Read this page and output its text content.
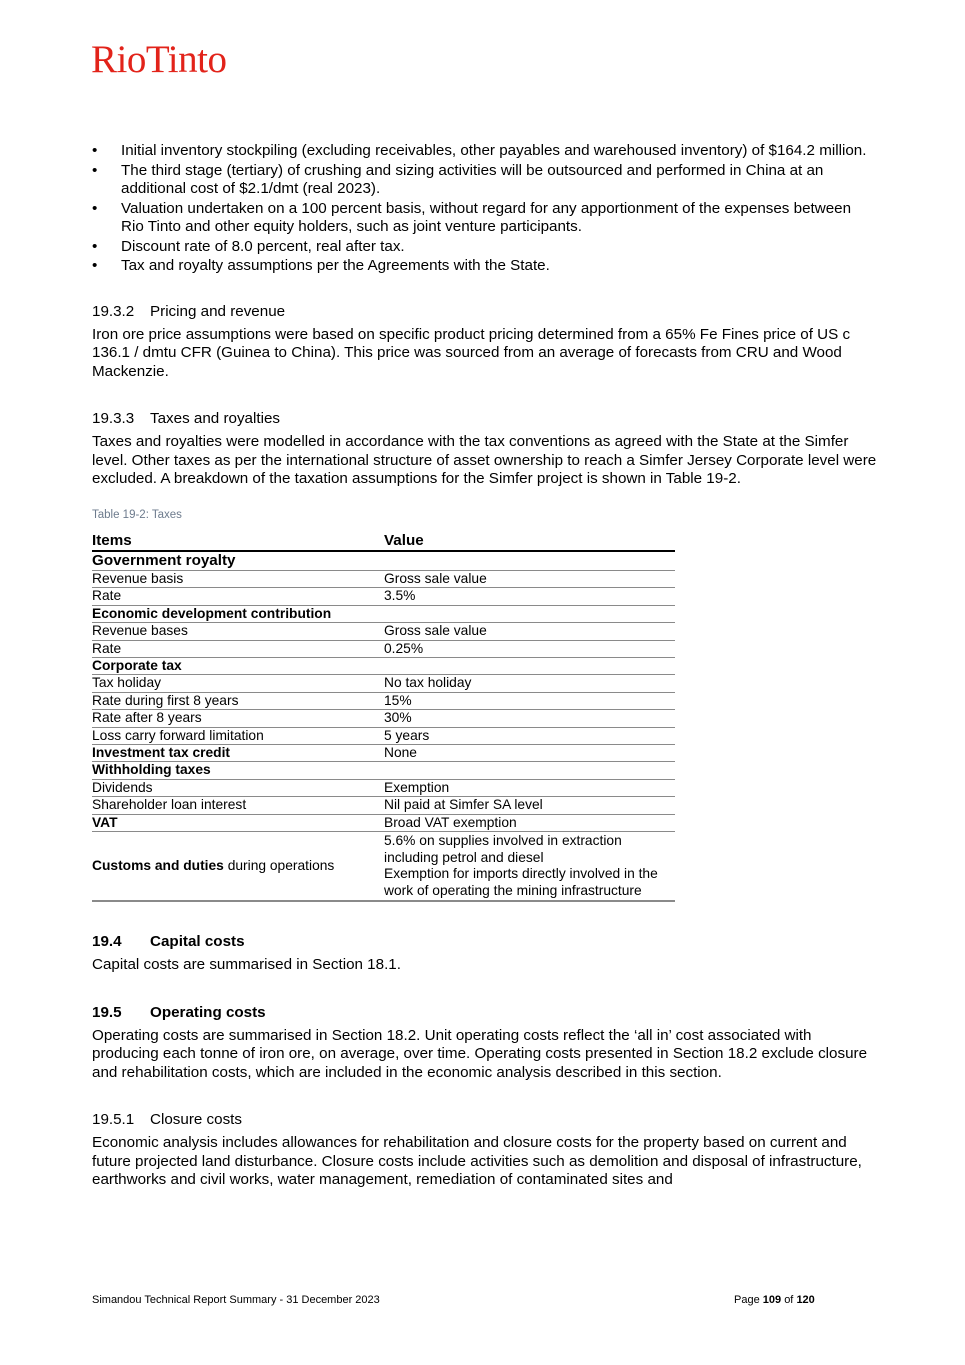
RioTinto
• Initial inventory stockpiling (excluding receivables, other payables and warehoused inventory) of $164.2 million.
• The third stage (tertiary) of crushing and sizing activities will be outsourced and performed in China at an additional cost of $2.1/dmt (real 2023).
• Valuation undertaken on a 100 percent basis, without regard for any apportionment of the expenses between Rio Tinto and other equity holders, such as joint venture participants.
• Discount rate of 8.0 percent, real after tax.
• Tax and royalty assumptions per the Agreements with the State.
19.3.2 Pricing and revenue

Iron ore price assumptions were based on specific product pricing determined from a 65% Fe Fines price of US c 136.1 / dmtu CFR (Guinea to China). This price was sourced from an average of forecasts from CRU and Wood Mackenzie.

19.3.3 Taxes and royalties

Taxes and royalties were modelled in accordance with the tax conventions as agreed with the State at the Simfer level. Other taxes as per the international structure of asset ownership to reach a Simfer Jersey Corporate level were excluded. A breakdown of the taxation assumptions for the Simfer project is shown in Table 19-2.

Table 19-2: Taxes
Items	Value
Government royalty	
Revenue basis	Gross sale value
Rate	3.5%
Economic development contribution	
Revenue bases	Gross sale value
Rate	0.25%
Corporate tax	
Tax holiday	No tax holiday
Rate during first 8 years	15%
Rate after 8 years	30%
Loss carry forward limitation	5 years
Investment tax credit	None
Withholding taxes	
Dividends	Exemption
Shareholder loan interest	Nil paid at Simfer SA level
VAT	Broad VAT exemption
Customs and duties during operations	5.6% on supplies involved in extraction including petrol and diesel
Exemption for imports directly involved in the work of operating the mining infrastructure
19.4 Capital costs

Capital costs are summarised in Section 18.1.

19.5 Operating costs

Operating costs are summarised in Section 18.2. Unit operating costs reflect the ‘all in’ cost associated with producing each tonne of iron ore, on average, over time. Operating costs presented in Section 18.2 exclude closure and rehabilitation costs, which are included in the economic analysis described in this section.

19.5.1 Closure costs

Economic analysis includes allowances for rehabilitation and closure costs for the property based on current and future projected land disturbance. Closure costs include activities such as demolition and disposal of infrastructure, earthworks and civil works, water management, remediation of contaminated sites and

Simandou Technical Report Summary - 31 December 2023	Page 109 of 120
